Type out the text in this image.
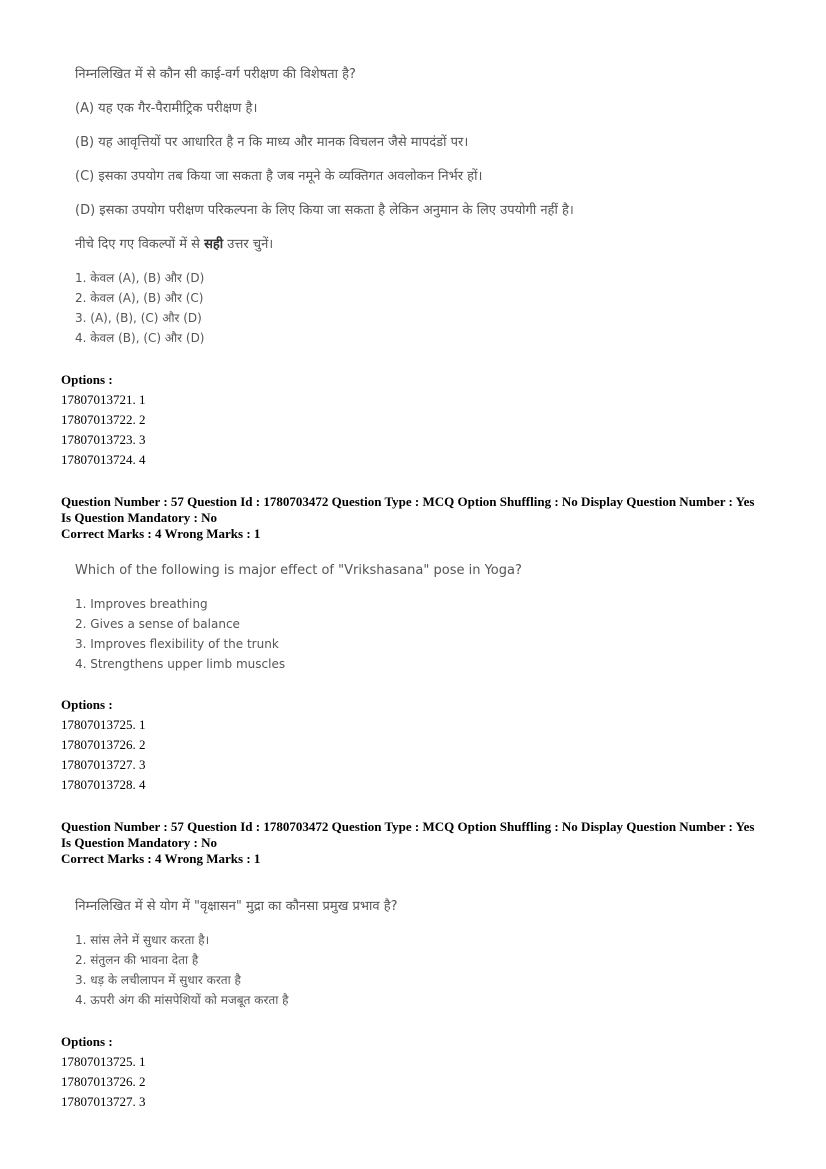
निम्नलिखित में से कौन सी काई-वर्ग परीक्षण की विशेषता है?

(A) यह एक गैर-पैरामीट्रिक परीक्षण है।

(B) यह आवृत्तियों पर आधारित है न कि माध्य और मानक विचलन जैसे मापदंडों पर।

(C) इसका उपयोग तब किया जा सकता है जब नमूने के व्यक्तिगत अवलोकन निर्भर हों।

(D) इसका उपयोग परीक्षण परिकल्पना के लिए किया जा सकता है लेकिन अनुमान के लिए उपयोगी नहीं है।

नीचे दिए गए विकल्पों में से सही उत्तर चुनें।

1. केवल (A), (B) और (D)

2. केवल (A), (B) और (C)

3. (A), (B), (C) और (D)

4. केवल (B), (C) और (D)

Options :

17807013721. 1

17807013722. 2

17807013723. 3

17807013724. 4

Question Number : 57 Question Id : 1780703472 Question Type : MCQ Option Shuffling : No Display Question Number : Yes

Is Question Mandatory : No

Correct Marks : 4 Wrong Marks : 1

Which of the following is major effect of "Vrikshasana" pose in Yoga?

1. Improves breathing

2. Gives a sense of balance

3. Improves flexibility of the trunk

4. Strengthens upper limb muscles

Options :

17807013725. 1

17807013726. 2

17807013727. 3

17807013728. 4

Question Number : 57 Question Id : 1780703472 Question Type : MCQ Option Shuffling : No Display Question Number : Yes

Is Question Mandatory : No

Correct Marks : 4 Wrong Marks : 1

निम्नलिखित में से योग में "वृक्षासन" मुद्रा का कौनसा प्रमुख प्रभाव है?

1. सांस लेने में सुधार करता है।

2. संतुलन की भावना देता है

3. धड़ के लचीलापन में सुधार करता है

4. ऊपरी अंग की मांसपेशियों को मजबूत करता है

Options :

17807013725. 1

17807013726. 2

17807013727. 3
